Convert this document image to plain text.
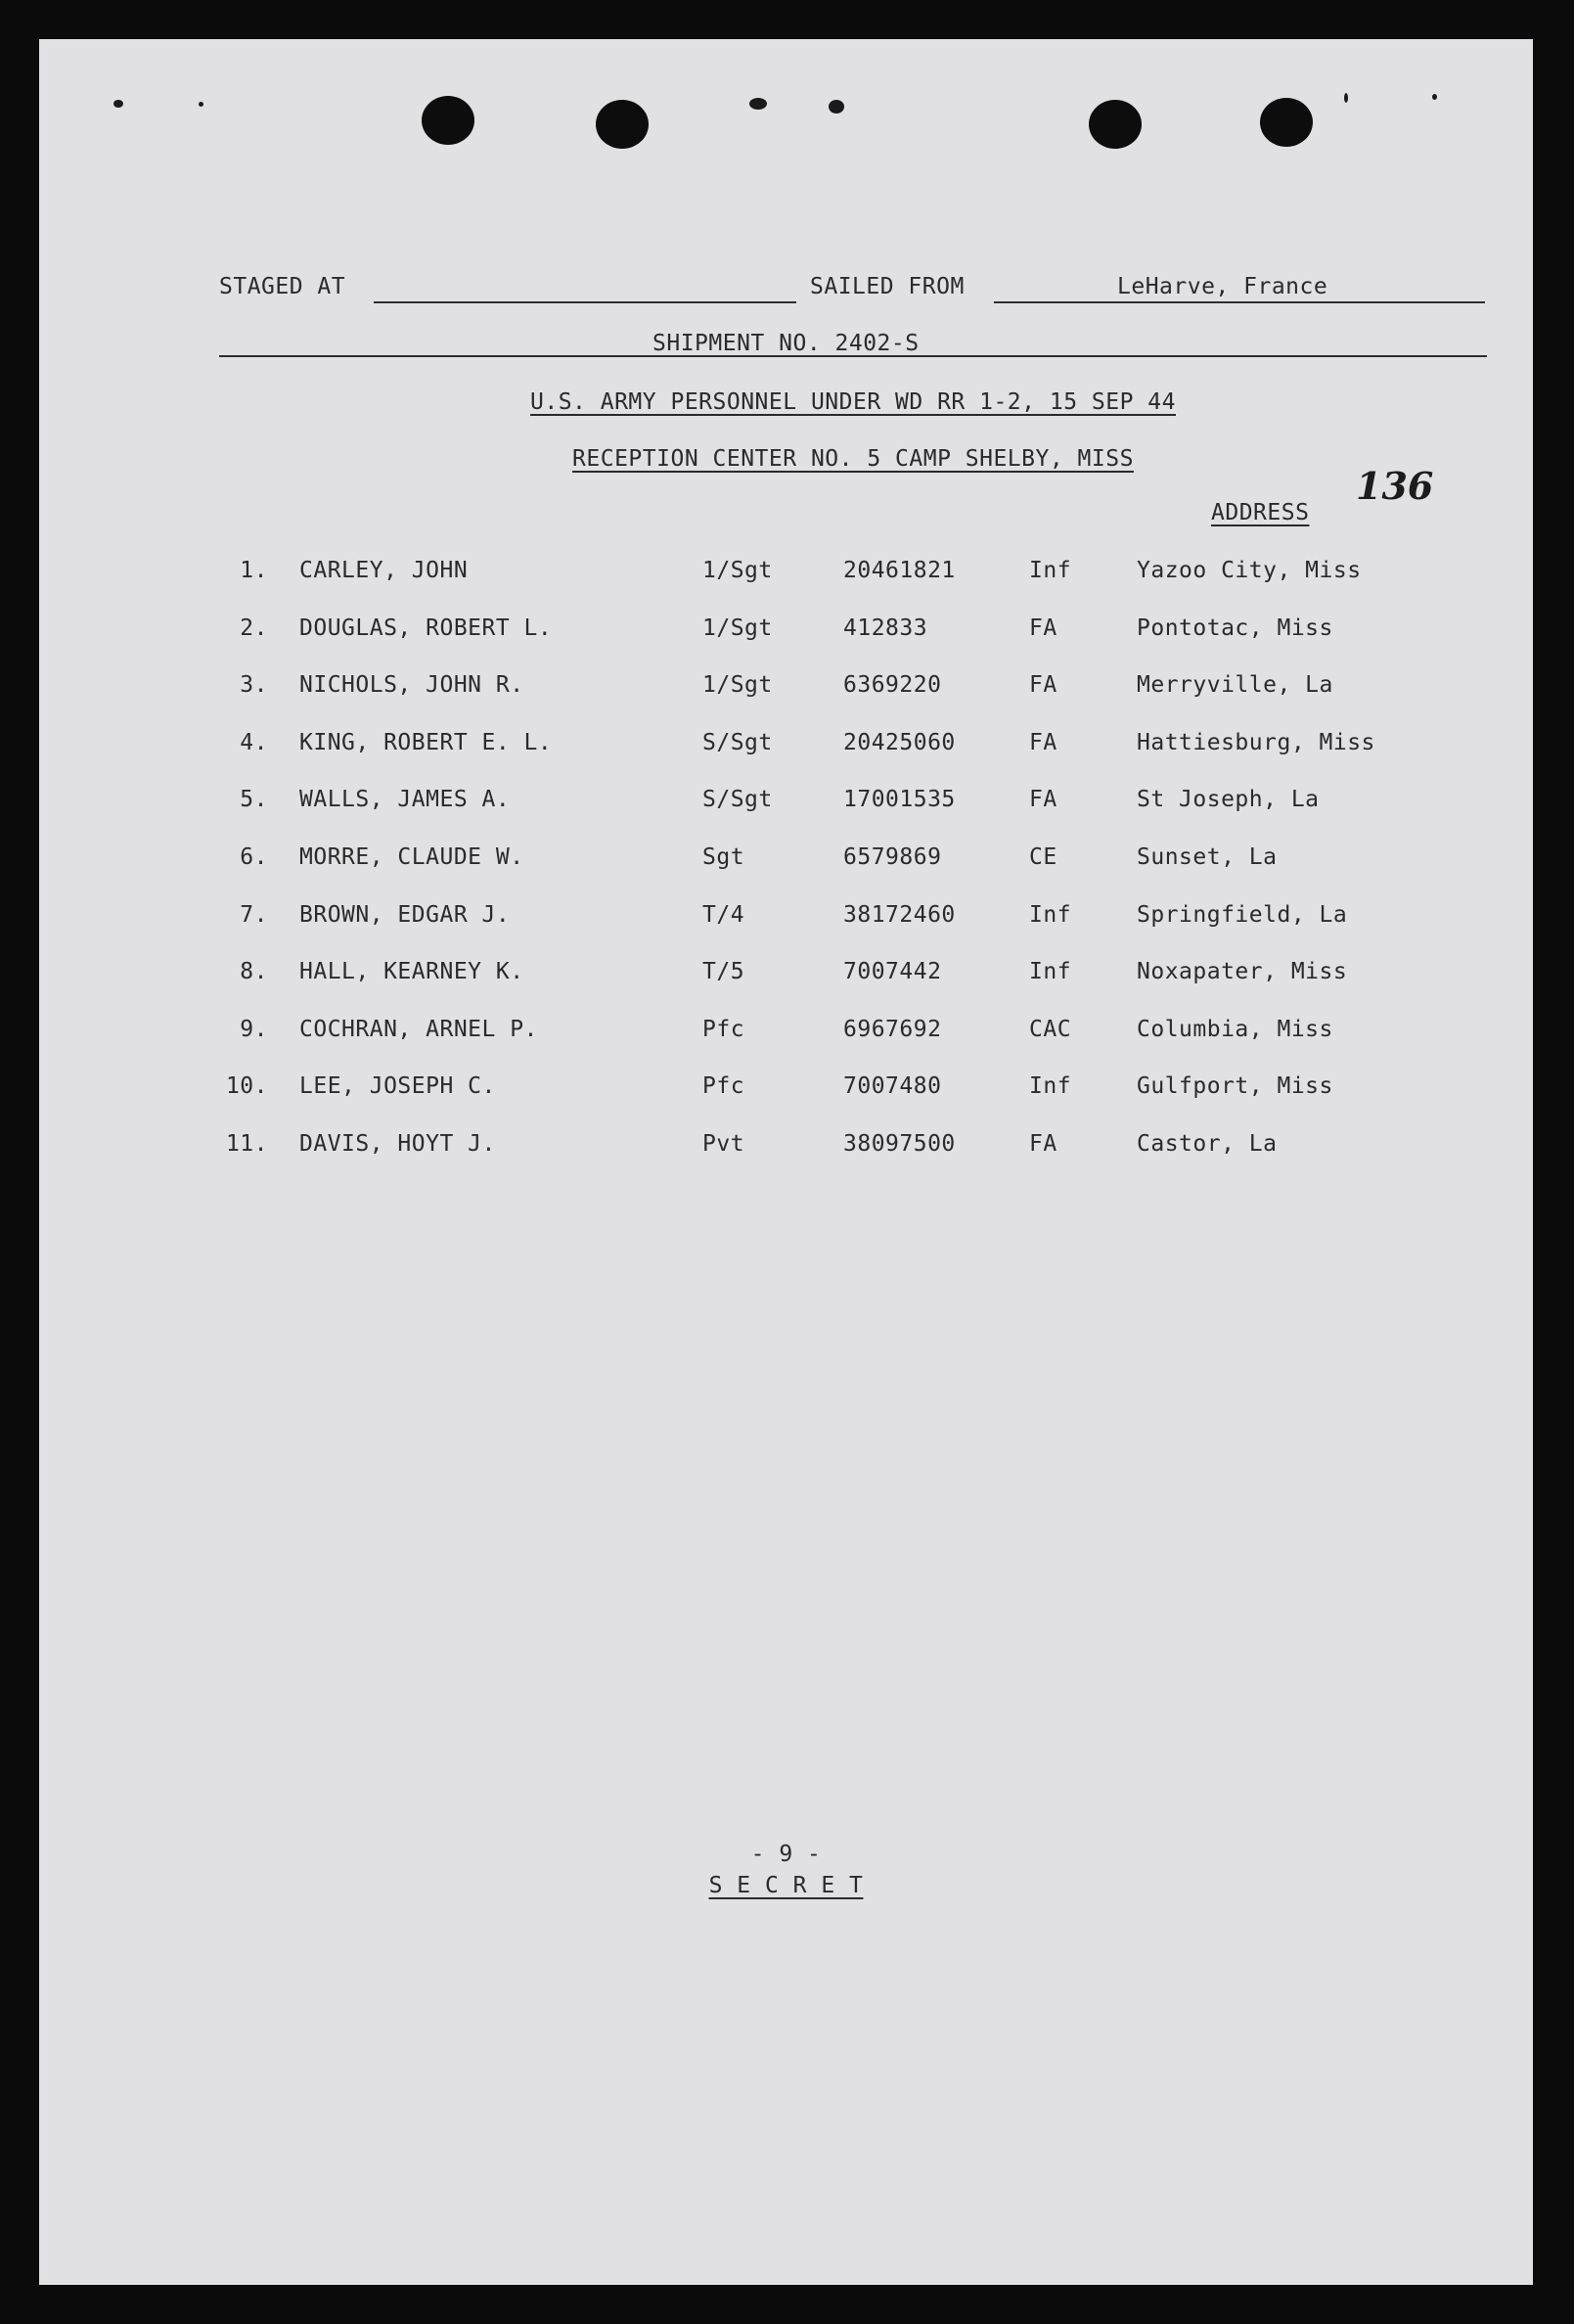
STAGED AT	SAILED FROM	LeHarve, France
SHIPMENT NO. 2402-S
U.S. ARMY PERSONNEL UNDER WD RR 1-2, 15 SEP 44
RECEPTION CENTER NO. 5 CAMP SHELBY, MISS
136
ADDRESS
1. CARLEY, JOHN	1/Sgt	20461821	Inf	Yazoo City, Miss
2. DOUGLAS, ROBERT L.	1/Sgt	412833	FA	Pontotac, Miss
3. NICHOLS, JOHN R.	1/Sgt	6369220	FA	Merryville, La
4. KING, ROBERT E. L.	S/Sgt	20425060	FA	Hattiesburg, Miss
5. WALLS, JAMES A.	S/Sgt	17001535	FA	St Joseph, La
6. MORRE, CLAUDE W.	Sgt	6579869	CE	Sunset, La
7. BROWN, EDGAR J.	T/4	38172460	Inf	Springfield, La
8. HALL, KEARNEY K.	T/5	7007442	Inf	Noxapater, Miss
9. COCHRAN, ARNEL P.	Pfc	6967692	CAC	Columbia, Miss
10. LEE, JOSEPH C.	Pfc	7007480	Inf	Gulfport, Miss
11. DAVIS, HOYT J.	Pvt	38097500	FA	Castor, La
- 9 -
S E C R E T
